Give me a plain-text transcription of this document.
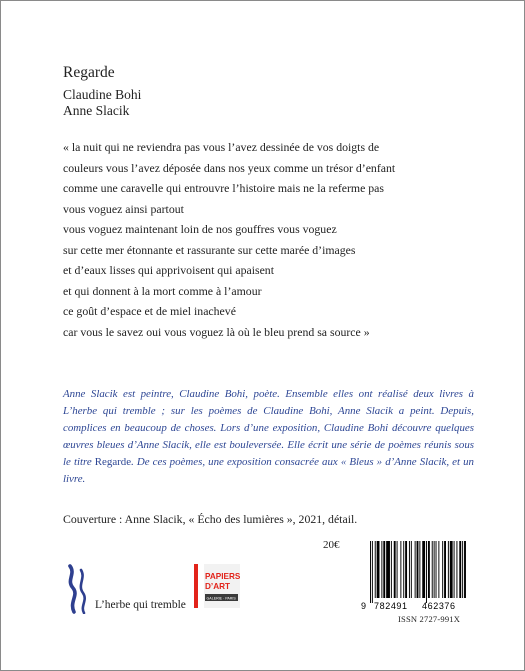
Regarde
Claudine Bohi
Anne Slacik
« la nuit qui ne reviendra pas vous l’avez dessinée de vos doigts de
couleurs vous l’avez déposée dans nos yeux comme un trésor d’enfant
comme une caravelle qui entrouvre l’histoire mais ne la referme pas
vous voguez ainsi partout
vous voguez maintenant loin de nos gouffres vous voguez
sur cette mer étonnante et rassurante sur cette marée d’images
et d’eaux lisses qui apprivoisent qui apaisent
et qui donnent à la mort comme à l’amour
ce goût d’espace et de miel inachevé
car vous le savez oui vous voguez là où le bleu prend sa source »
Anne Slacik est peintre, Claudine Bohi, poète. Ensemble elles ont réalisé deux livres à L’herbe qui tremble ; sur les poèmes de Claudine Bohi, Anne Slacik a peint. Depuis, complices en beaucoup de choses. Lors d’une exposition, Claudine Bohi découvre quelques œuvres bleues d’Anne Slacik, elle est bouleversée. Elle écrit une série de poèmes réunis sous le titre Regarde. De ces poèmes, une exposition consacrée aux « Bleus » d’Anne Slacik, et un livre.
Couverture : Anne Slacik, « Écho des lumières », 2021, détail.
L’herbe qui tremble
PAPIERS
D’ART
GALERIE · PARIS
20€
9 782491 462376
ISSN 2727-991X
